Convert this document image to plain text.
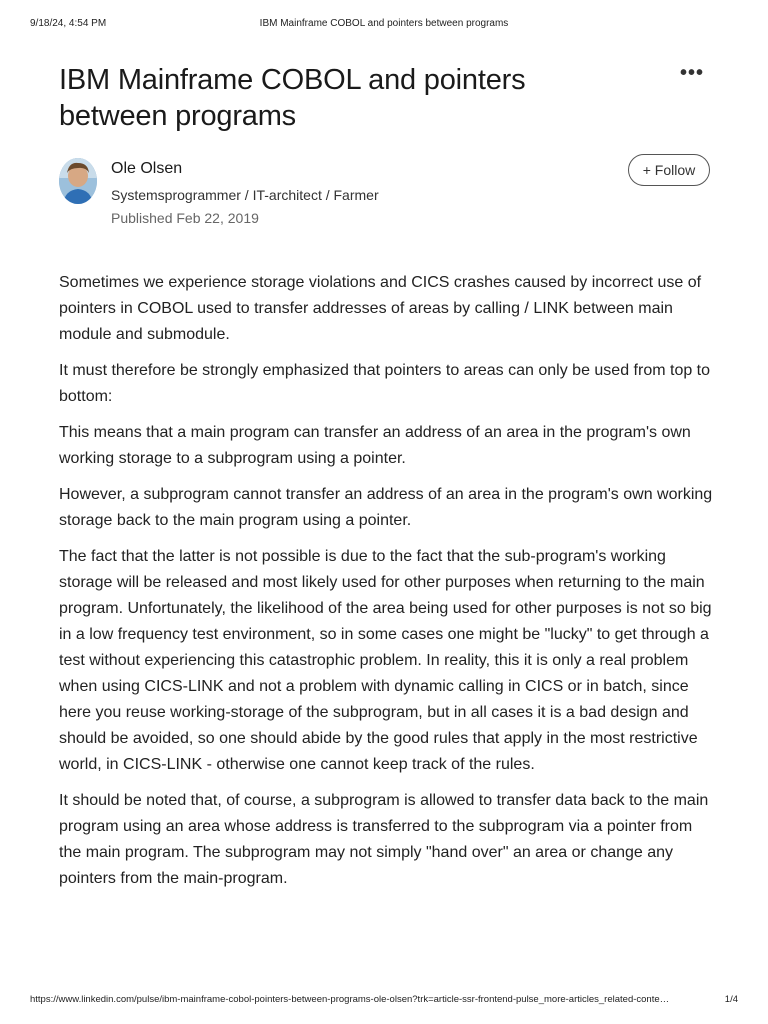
9/18/24, 4:54 PM	IBM Mainframe COBOL and pointers between programs
IBM Mainframe COBOL and pointers between programs
•••
Ole Olsen
Systemsprogrammer / IT-architect / Farmer
Published Feb 22, 2019
+ Follow

Sometimes we experience storage violations and CICS crashes caused by incorrect use of pointers in COBOL used to transfer addresses of areas by calling / LINK between main module and submodule.

It must therefore be strongly emphasized that pointers to areas can only be used from top to bottom:

This means that a main program can transfer an address of an area in the program's own working storage to a subprogram using a pointer.

However, a subprogram cannot transfer an address of an area in the program's own working storage back to the main program using a pointer.

The fact that the latter is not possible is due to the fact that the sub-program's working storage will be released and most likely used for other purposes when returning to the main program. Unfortunately, the likelihood of the area being used for other purposes is not so big in a low frequency test environment, so in some cases one might be "lucky" to get through a test without experiencing this catastrophic problem. In reality, this it is only a real problem when using CICS-LINK and not a problem with dynamic calling in CICS or in batch, since here you reuse working-storage of the subprogram, but in all cases it is a bad design and should be avoided, so one should abide by the good rules that apply in the most restrictive world, in CICS-LINK - otherwise one cannot keep track of the rules.

It should be noted that, of course, a subprogram is allowed to transfer data back to the main program using an area whose address is transferred to the subprogram via a pointer from the main program. The subprogram may not simply "hand over" an area or change any pointers from the main-program.

https://www.linkedin.com/pulse/ibm-mainframe-cobol-pointers-between-programs-ole-olsen?trk=article-ssr-frontend-pulse_more-articles_related-conte…	1/4
